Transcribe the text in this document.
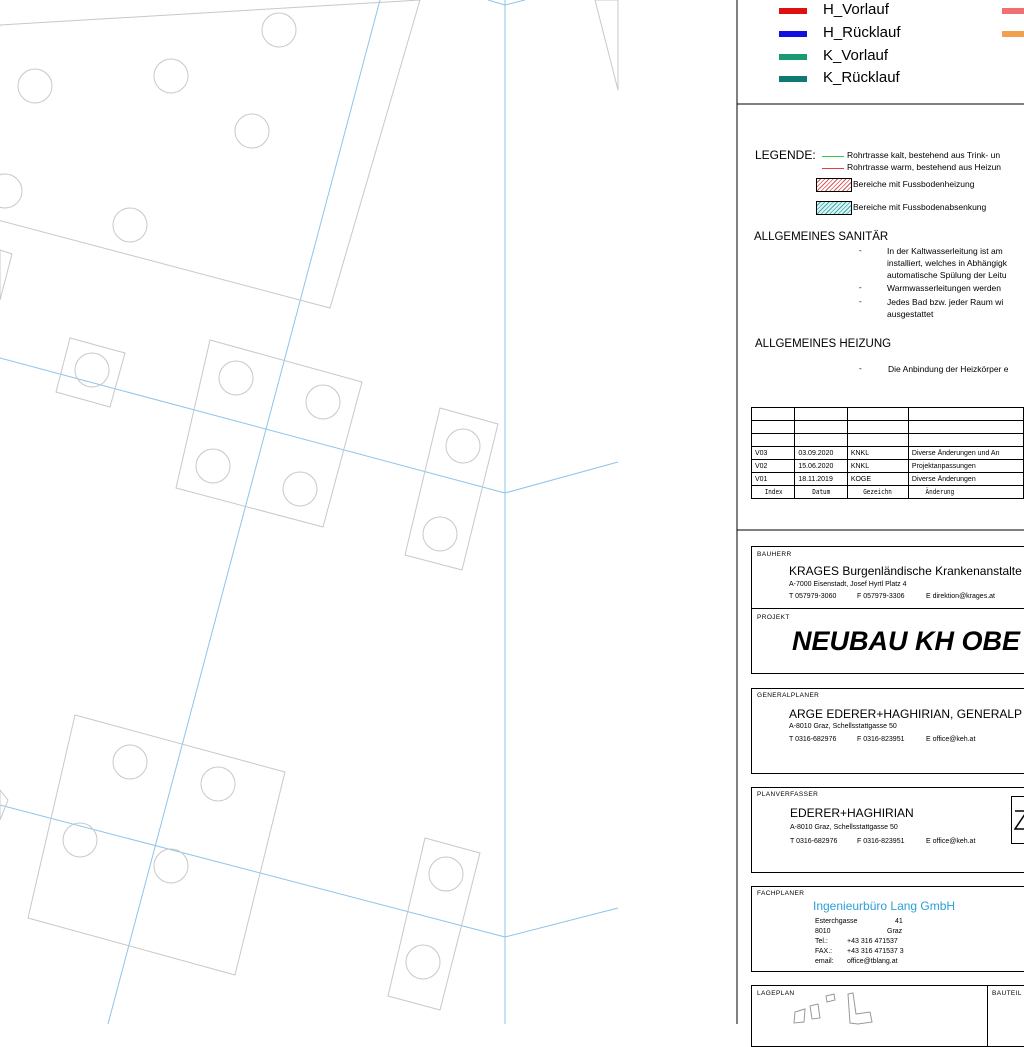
H_Vorlauf
H_Rücklauf
K_Vorlauf
K_Rücklauf
LEGENDE:	Rohrtrasse kalt, bestehend aus Trink- un
Rohrtrasse warm, bestehend aus Heizun
Bereiche mit Fussbodenheizung
Bereiche mit Fussbodenabsenkung
ALLGEMEINES SANITÄR
-	In der Kaltwasserleitung ist am
installiert, welches in Abhängigk
automatische Spülung der Leitu
-	Warmwasserleitungen werden
-	Jedes Bad bzw. jeder Raum wi
ausgestattet
ALLGEMEINES HEIZUNG
-	Die Anbindung der Heizkörper e

V03	03.09.2020	KNKL	Diverse Änderungen und An
V02	15.06.2020	KNKL	Projektanpassungen
V01	18.11.2019	KOGE	Diverse Änderungen
Index	Datum	Gezeichn	Änderung
BAUHERR
KRAGES Burgenländische Krankenanstalte
A-7000 Eisenstadt, Josef Hyrtl Platz 4
T 057979-3060	F 057979-3306	E direktion@krages.at
PROJEKT
NEUBAU KH OBE
GENERALPLANER
ARGE EDERER+HAGHIRIAN, GENERALP
A-8010 Graz, Schellsstattgasse 50
T 0316-682976	F 0316-823951	E office@keh.at
PLANVERFASSER
EDERER+HAGHIRIAN
A-8010 Graz, Schellsstattgasse 50
T 0316-682976	F 0316-823951	E office@keh.at
FACHPLANER
Ingenieurbüro Lang GmbH
Esterchgasse	41
8010	Graz
Tel.:	+43 316 471537
FAX.: +43 316 471537 3
email: office@tblang.at
LAGEPLAN	BAUTEIL
